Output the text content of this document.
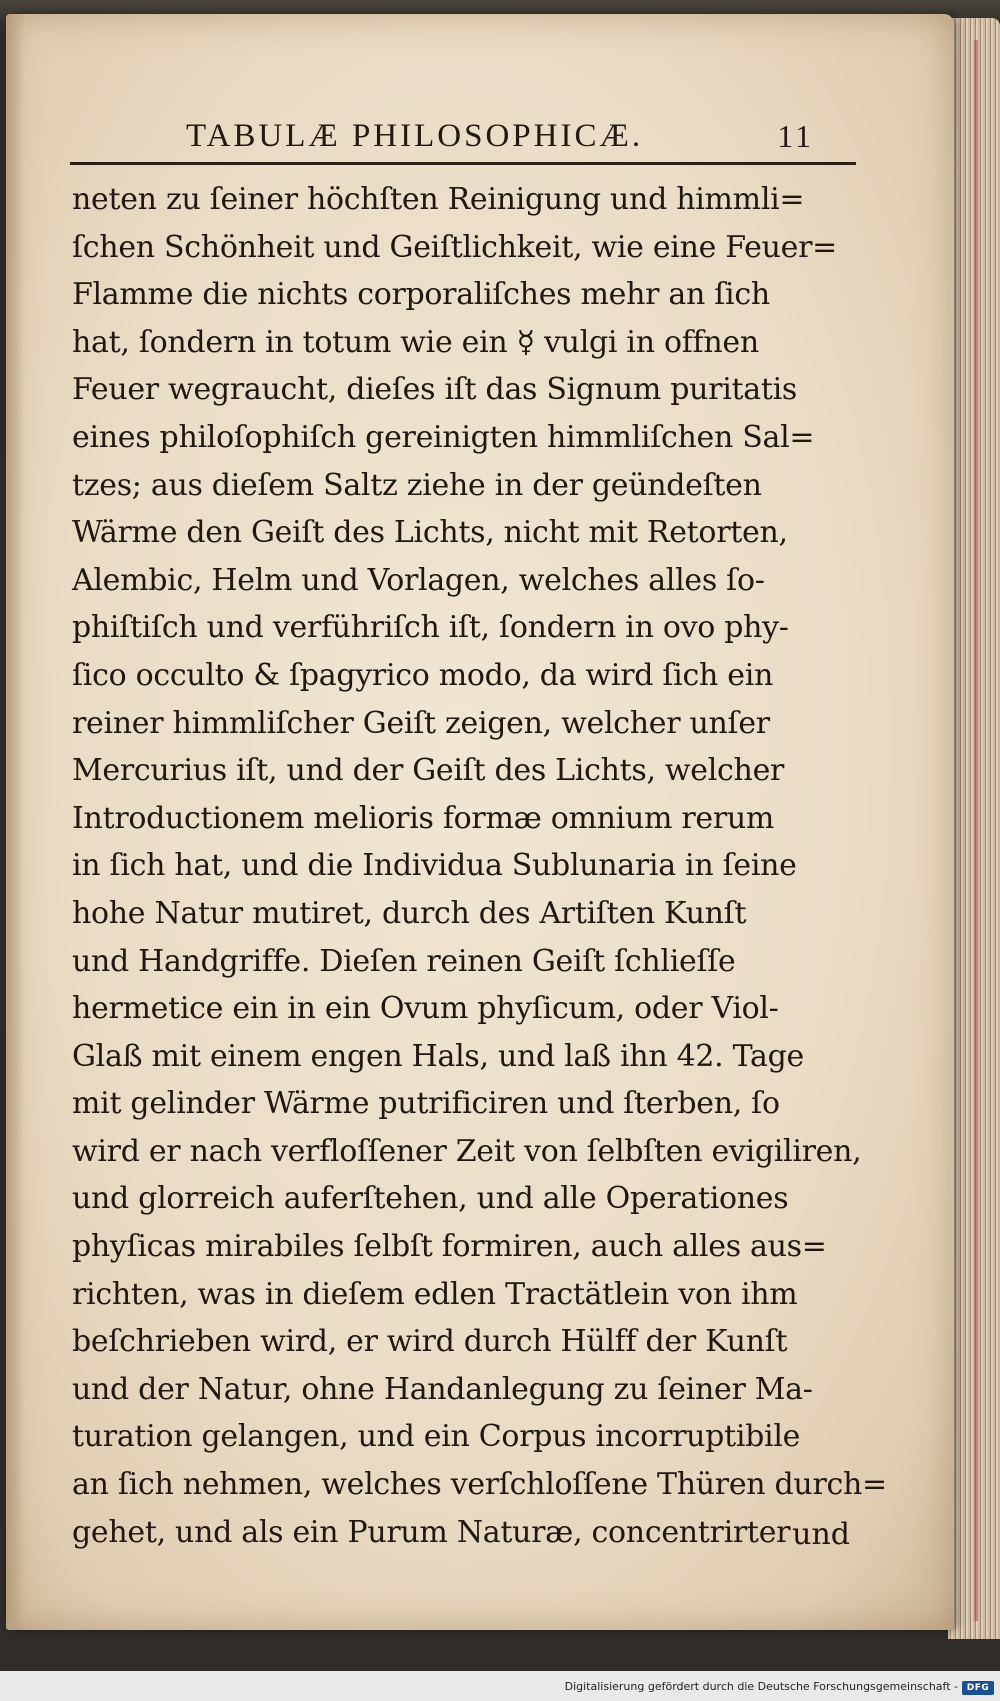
TABULÆ PHILOSOPHICÆ.	11
neten zu ſeiner höchſten Reinigung und himmli=
ſchen Schönheit und Geiſtlichkeit, wie eine Feuer=
Flamme die nichts corporaliſches mehr an ſich
hat, ſondern in totum wie ein ☿ vulgi in offnen
Feuer wegraucht, dieſes iſt das Signum puritatis
eines philoſophiſch gereinigten himmliſchen Sal=
tzes; aus dieſem Saltz ziehe in der geündeſten
Wärme den Geiſt des Lichts, nicht mit Retorten,
Alembic, Helm und Vorlagen, welches alles ſo-
phiſtiſch und verführiſch iſt, ſondern in ovo phy-
ſico occulto & ſpagyrico modo, da wird ſich ein
reiner himmliſcher Geiſt zeigen, welcher unſer
Mercurius iſt, und der Geiſt des Lichts, welcher
Introductionem melioris formæ omnium rerum
in ſich hat, und die Individua Sublunaria in ſeine
hohe Natur mutiret, durch des Artiſten Kunſt
und Handgriffe. Dieſen reinen Geiſt ſchlieſſe
hermetice ein in ein Ovum phyſicum, oder Viol-
Glaß mit einem engen Hals, und laß ihn 42. Tage
mit gelinder Wärme putrificiren und ſterben, ſo
wird er nach verfloſſener Zeit von ſelbſten evigiliren,
und glorreich auferſtehen, und alle Operationes
phyſicas mirabiles ſelbſt formiren, auch alles aus=
richten, was in dieſem edlen Tractätlein von ihm
beſchrieben wird, er wird durch Hülff der Kunſt
und der Natur, ohne Handanlegung zu ſeiner Ma-
turation gelangen, und ein Corpus incorruptibile
an ſich nehmen, welches verſchloſſene Thüren durch=
gehet, und als ein Purum Naturæ, concentrirter und
Digitalisierung gefördert durch die Deutsche Forschungsgemeinschaft - DFG
